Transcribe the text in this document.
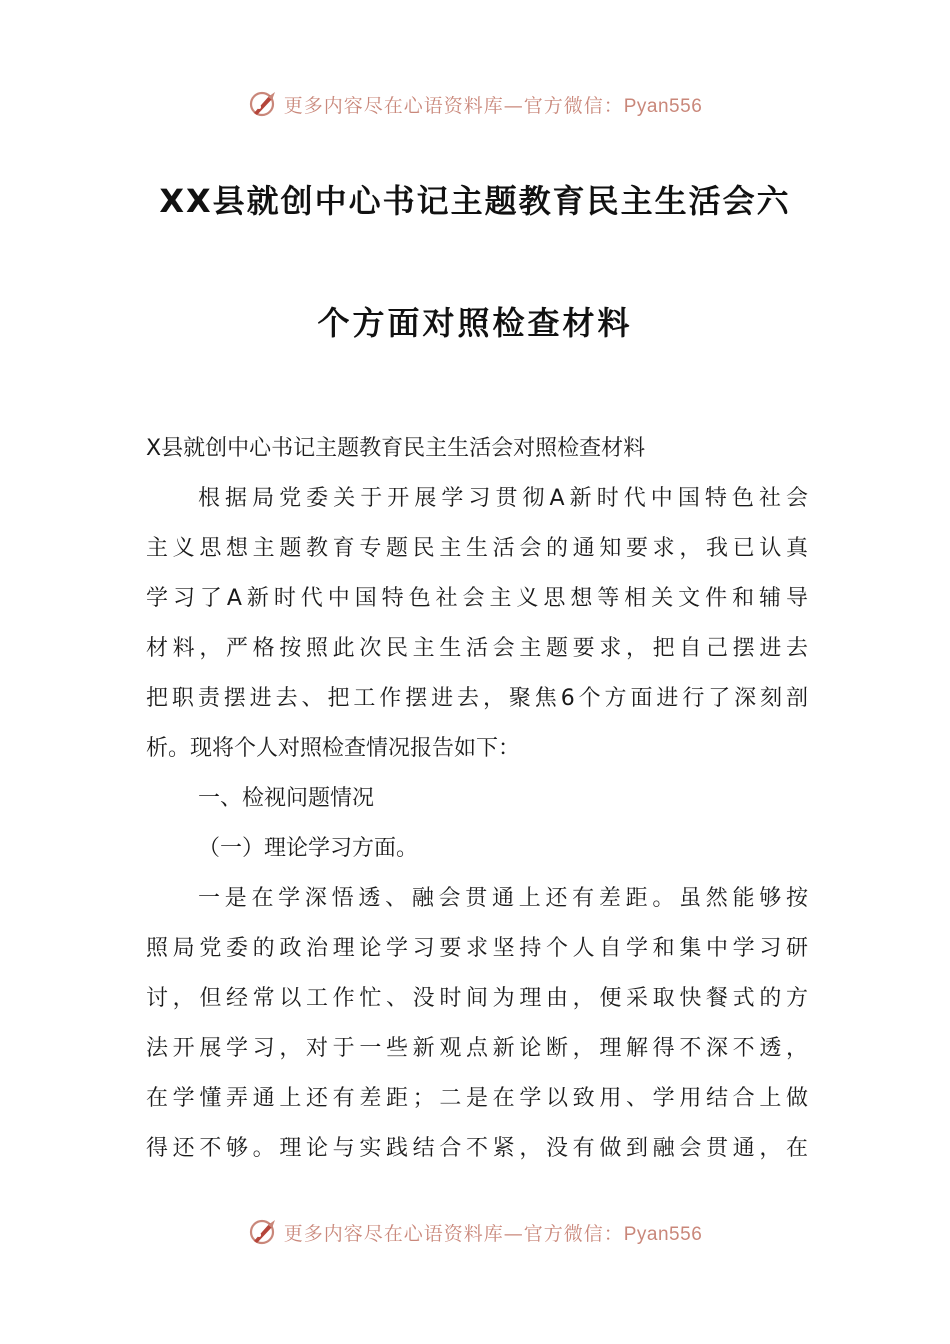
更多内容尽在心语资料库—官方微信：Pyan556
XX县就创中心书记主题教育民主生活会六
个方面对照检查材料
X县就创中心书记主题教育民主生活会对照检查材料
根据局党委关于开展学习贯彻A新时代中国特色社会
主义思想主题教育专题民主生活会的通知要求，我已认真
学习了A新时代中国特色社会主义思想等相关文件和辅导
材料，严格按照此次民主生活会主题要求，把自己摆进去
把职责摆进去、把工作摆进去，聚焦6个方面进行了深刻剖
析。现将个人对照检查情况报告如下：
一、检视问题情况
（一）理论学习方面。
一是在学深悟透、融会贯通上还有差距。虽然能够按
照局党委的政治理论学习要求坚持个人自学和集中学习研
讨，但经常以工作忙、没时间为理由，便采取快餐式的方
法开展学习，对于一些新观点新论断，理解得不深不透，
在学懂弄通上还有差距；二是在学以致用、学用结合上做
得还不够。理论与实践结合不紧，没有做到融会贯通，在
更多内容尽在心语资料库—官方微信：Pyan556
